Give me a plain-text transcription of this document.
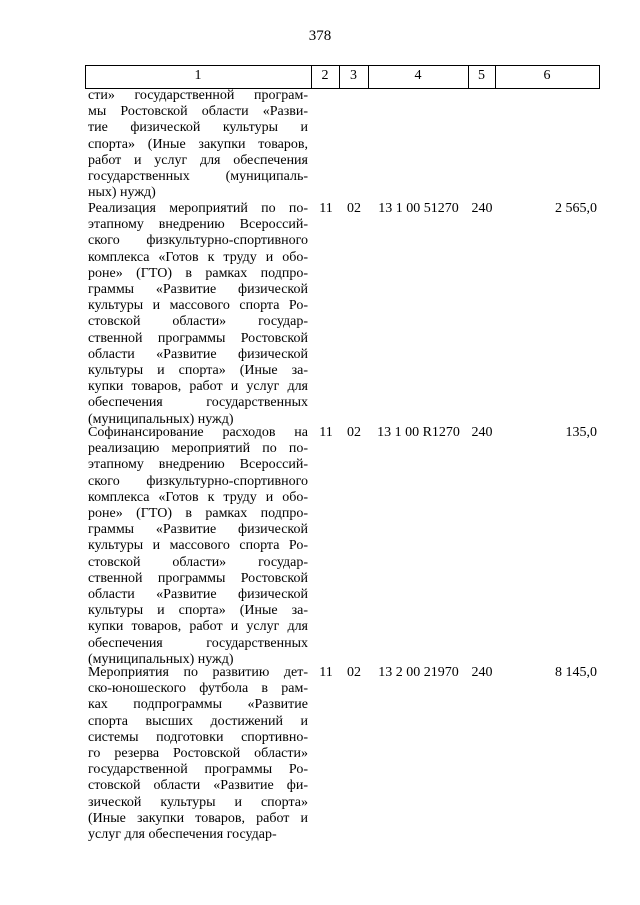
378
1	2	3	4	5	6
сти» государственной програм-
мы Ростовской области «Разви-
тие физической культуры и
спорта» (Иные закупки товаров,
работ и услуг для обеспечения
государственных (муниципаль-
ных) нужд)
Реализация мероприятий по по-
этапному внедрению Всероссий-
ского физкультурно-спортивного
комплекса «Готов к труду и обо-
роне» (ГТО) в рамках подпро-
граммы «Развитие физической
культуры и массового спорта Ро-
стовской области» государ-
ственной программы Ростовской
области «Развитие физической
культуры и спорта» (Иные за-
купки товаров, работ и услуг для
обеспечения государственных
(муниципальных) нужд)
11	02	13 1 00 51270 240	2 565,0
Софинансирование расходов на
реализацию мероприятий по по-
этапному внедрению Всероссий-
ского физкультурно-спортивного
комплекса «Готов к труду и обо-
роне» (ГТО) в рамках подпро-
граммы «Развитие физической
культуры и массового спорта Ро-
стовской области» государ-
ственной программы Ростовской
области «Развитие физической
культуры и спорта» (Иные за-
купки товаров, работ и услуг для
обеспечения государственных
(муниципальных) нужд)
11	02	13 1 00 R1270 240	135,0
Мероприятия по развитию дет-
ско-юношеского футбола в рам-
ках подпрограммы «Развитие
спорта высших достижений и
системы подготовки спортивно-
го резерва Ростовской области»
государственной программы Ро-
стовской области «Развитие фи-
зической культуры и спорта»
(Иные закупки товаров, работ и
услуг для обеспечения государ-
11	02	13 2 00 21970 240	8 145,0
